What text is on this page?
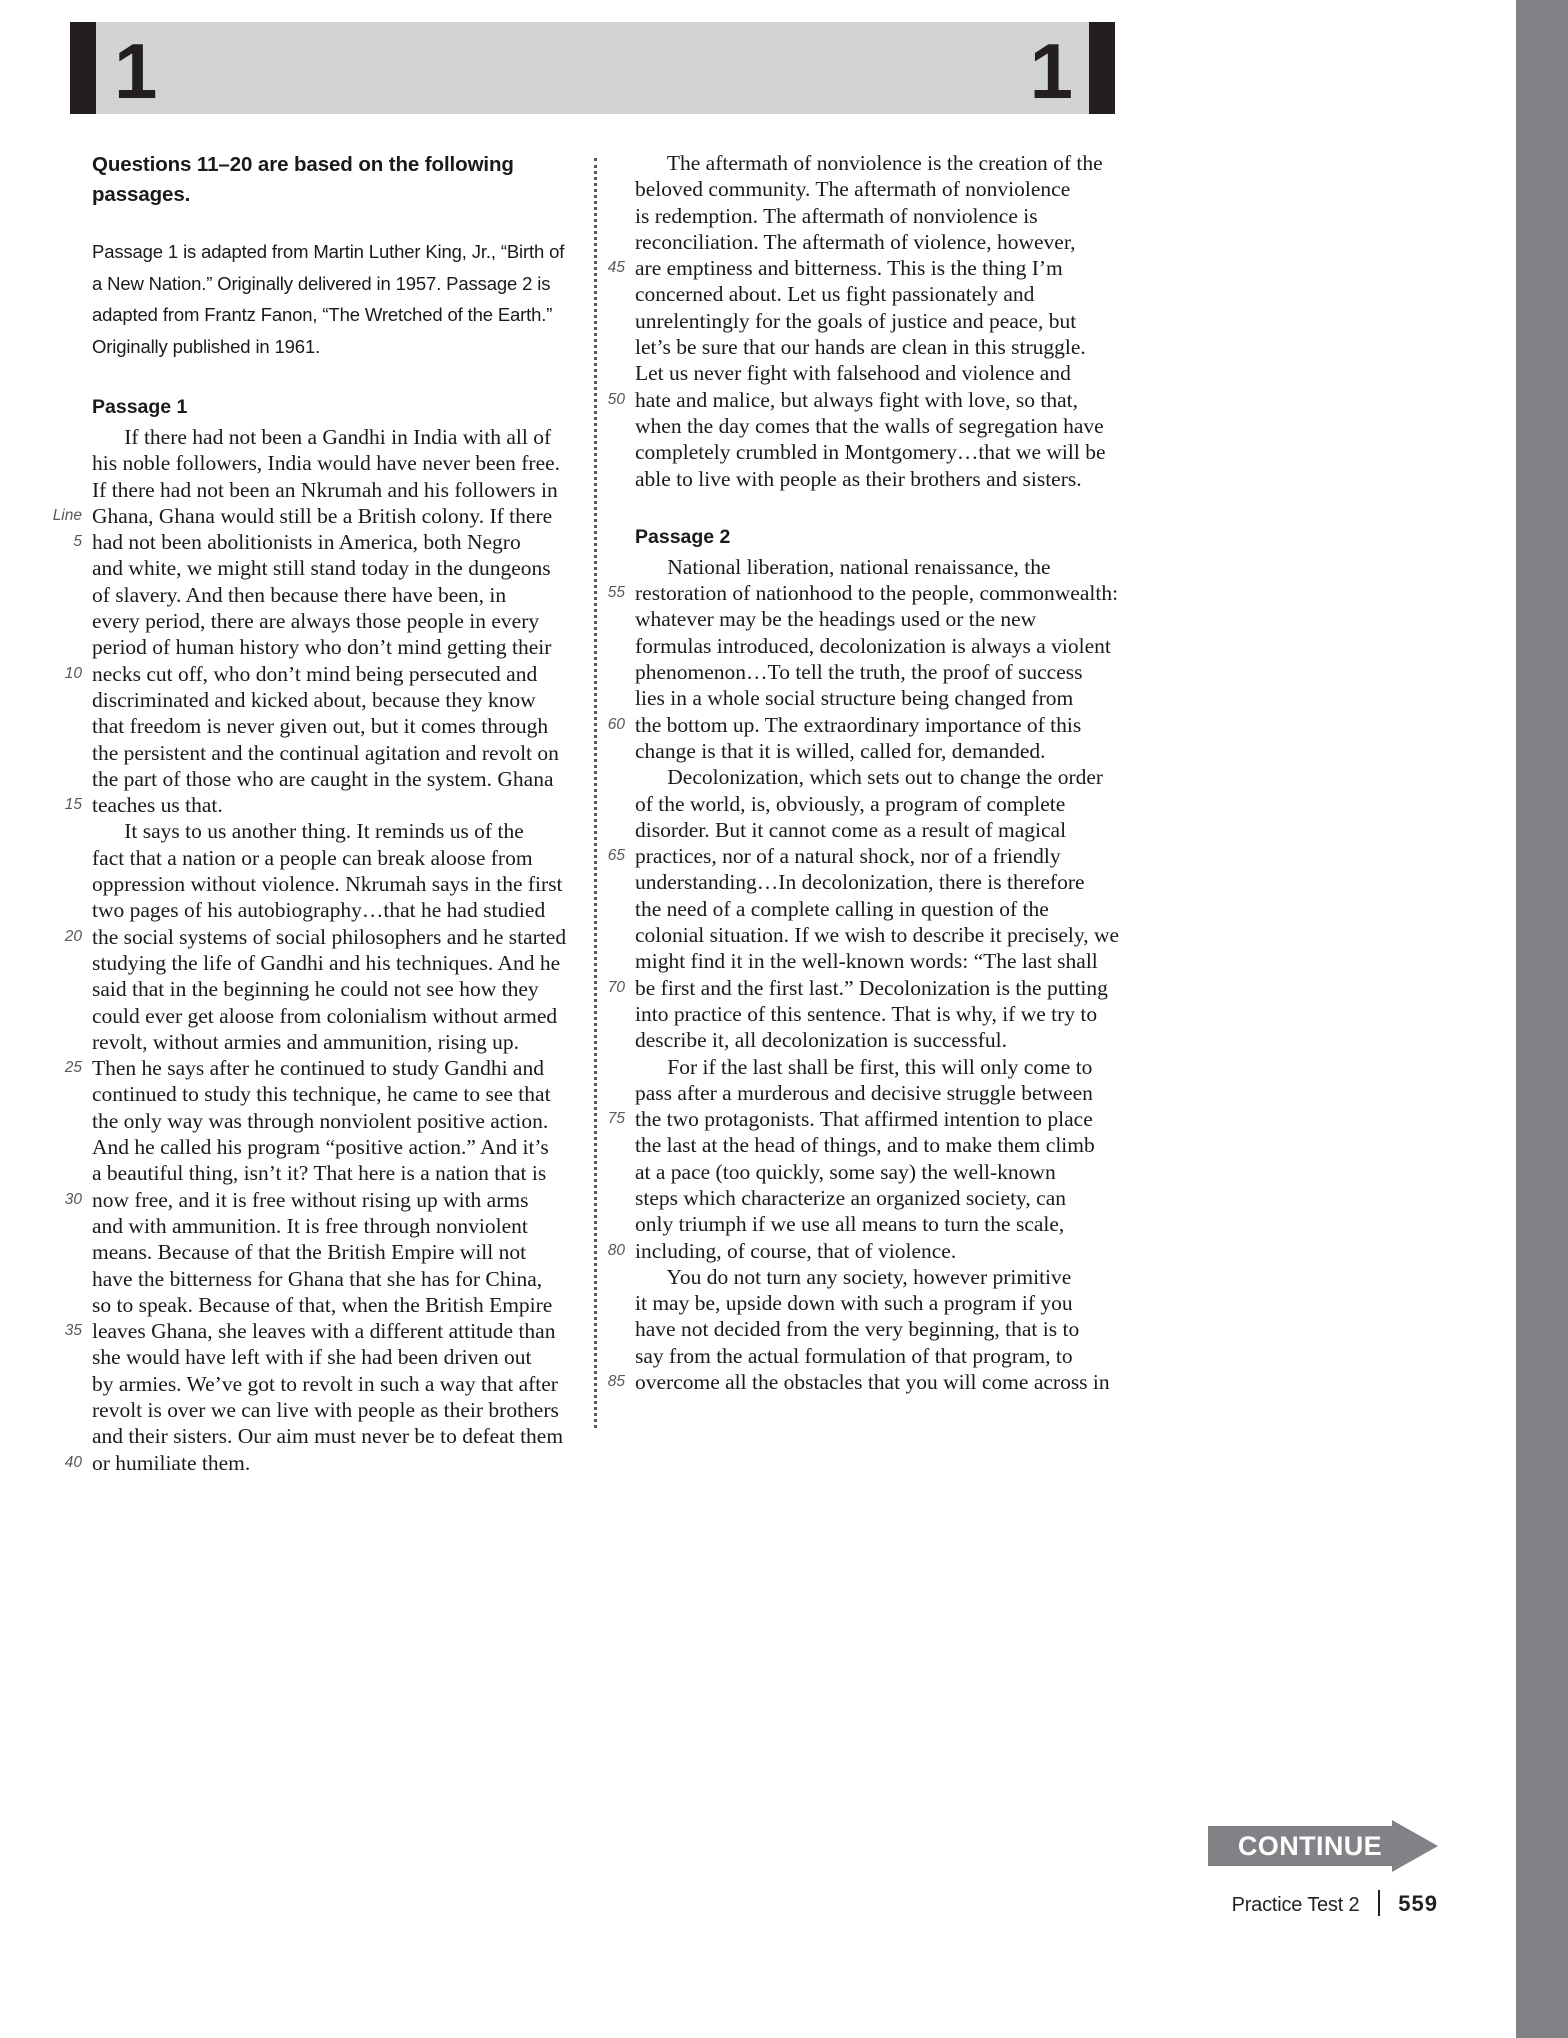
1	1
Questions 11–20 are based on the following passages.

Passage 1 is adapted from Martin Luther King, Jr., “Birth of a New Nation.” Originally delivered in 1957. Passage 2 is adapted from Frantz Fanon, “The Wretched of the Earth.” Originally published in 1961.

Passage 1
If there had not been a Gandhi in India with all of
his noble followers, India would have never been free.
If there had not been an Nkrumah and his followers in
Line Ghana, Ghana would still be a British colony. If there
5 had not been abolitionists in America, both Negro
and white, we might still stand today in the dungeons
of slavery. And then because there have been, in
every period, there are always those people in every
period of human history who don’t mind getting their
10 necks cut off, who don’t mind being persecuted and
discriminated and kicked about, because they know
that freedom is never given out, but it comes through
the persistent and the continual agitation and revolt on
the part of those who are caught in the system. Ghana
15 teaches us that.
It says to us another thing. It reminds us of the
fact that a nation or a people can break aloose from
oppression without violence. Nkrumah says in the first
two pages of his autobiography…that he had studied
20 the social systems of social philosophers and he started
studying the life of Gandhi and his techniques. And he
said that in the beginning he could not see how they
could ever get aloose from colonialism without armed
revolt, without armies and ammunition, rising up.
25 Then he says after he continued to study Gandhi and
continued to study this technique, he came to see that
the only way was through nonviolent positive action.
And he called his program “positive action.” And it’s
a beautiful thing, isn’t it? That here is a nation that is
30 now free, and it is free without rising up with arms
and with ammunition. It is free through nonviolent
means. Because of that the British Empire will not
have the bitterness for Ghana that she has for China,
so to speak. Because of that, when the British Empire
35 leaves Ghana, she leaves with a different attitude than
she would have left with if she had been driven out
by armies. We’ve got to revolt in such a way that after
revolt is over we can live with people as their brothers
and their sisters. Our aim must never be to defeat them
40 or humiliate them.
The aftermath of nonviolence is the creation of the
beloved community. The aftermath of nonviolence
is redemption. The aftermath of nonviolence is
reconciliation. The aftermath of violence, however,
45 are emptiness and bitterness. This is the thing I’m
concerned about. Let us fight passionately and
unrelentingly for the goals of justice and peace, but
let’s be sure that our hands are clean in this struggle.
Let us never fight with falsehood and violence and
50 hate and malice, but always fight with love, so that,
when the day comes that the walls of segregation have
completely crumbled in Montgomery…that we will be
able to live with people as their brothers and sisters.
Passage 2
National liberation, national renaissance, the
55 restoration of nationhood to the people, commonwealth:
whatever may be the headings used or the new
formulas introduced, decolonization is always a violent
phenomenon…To tell the truth, the proof of success
lies in a whole social structure being changed from
60 the bottom up. The extraordinary importance of this
change is that it is willed, called for, demanded.
Decolonization, which sets out to change the order
of the world, is, obviously, a program of complete
disorder. But it cannot come as a result of magical
65 practices, nor of a natural shock, nor of a friendly
understanding…In decolonization, there is therefore
the need of a complete calling in question of the
colonial situation. If we wish to describe it precisely, we
might find it in the well-known words: “The last shall
70 be first and the first last.” Decolonization is the putting
into practice of this sentence. That is why, if we try to
describe it, all decolonization is successful.
For if the last shall be first, this will only come to
pass after a murderous and decisive struggle between
75 the two protagonists. That affirmed intention to place
the last at the head of things, and to make them climb
at a pace (too quickly, some say) the well-known
steps which characterize an organized society, can
only triumph if we use all means to turn the scale,
80 including, of course, that of violence.
You do not turn any society, however primitive
it may be, upside down with such a program if you
have not decided from the very beginning, that is to
say from the actual formulation of that program, to
85 overcome all the obstacles that you will come across in
CONTINUE
Practice Test 2 559
